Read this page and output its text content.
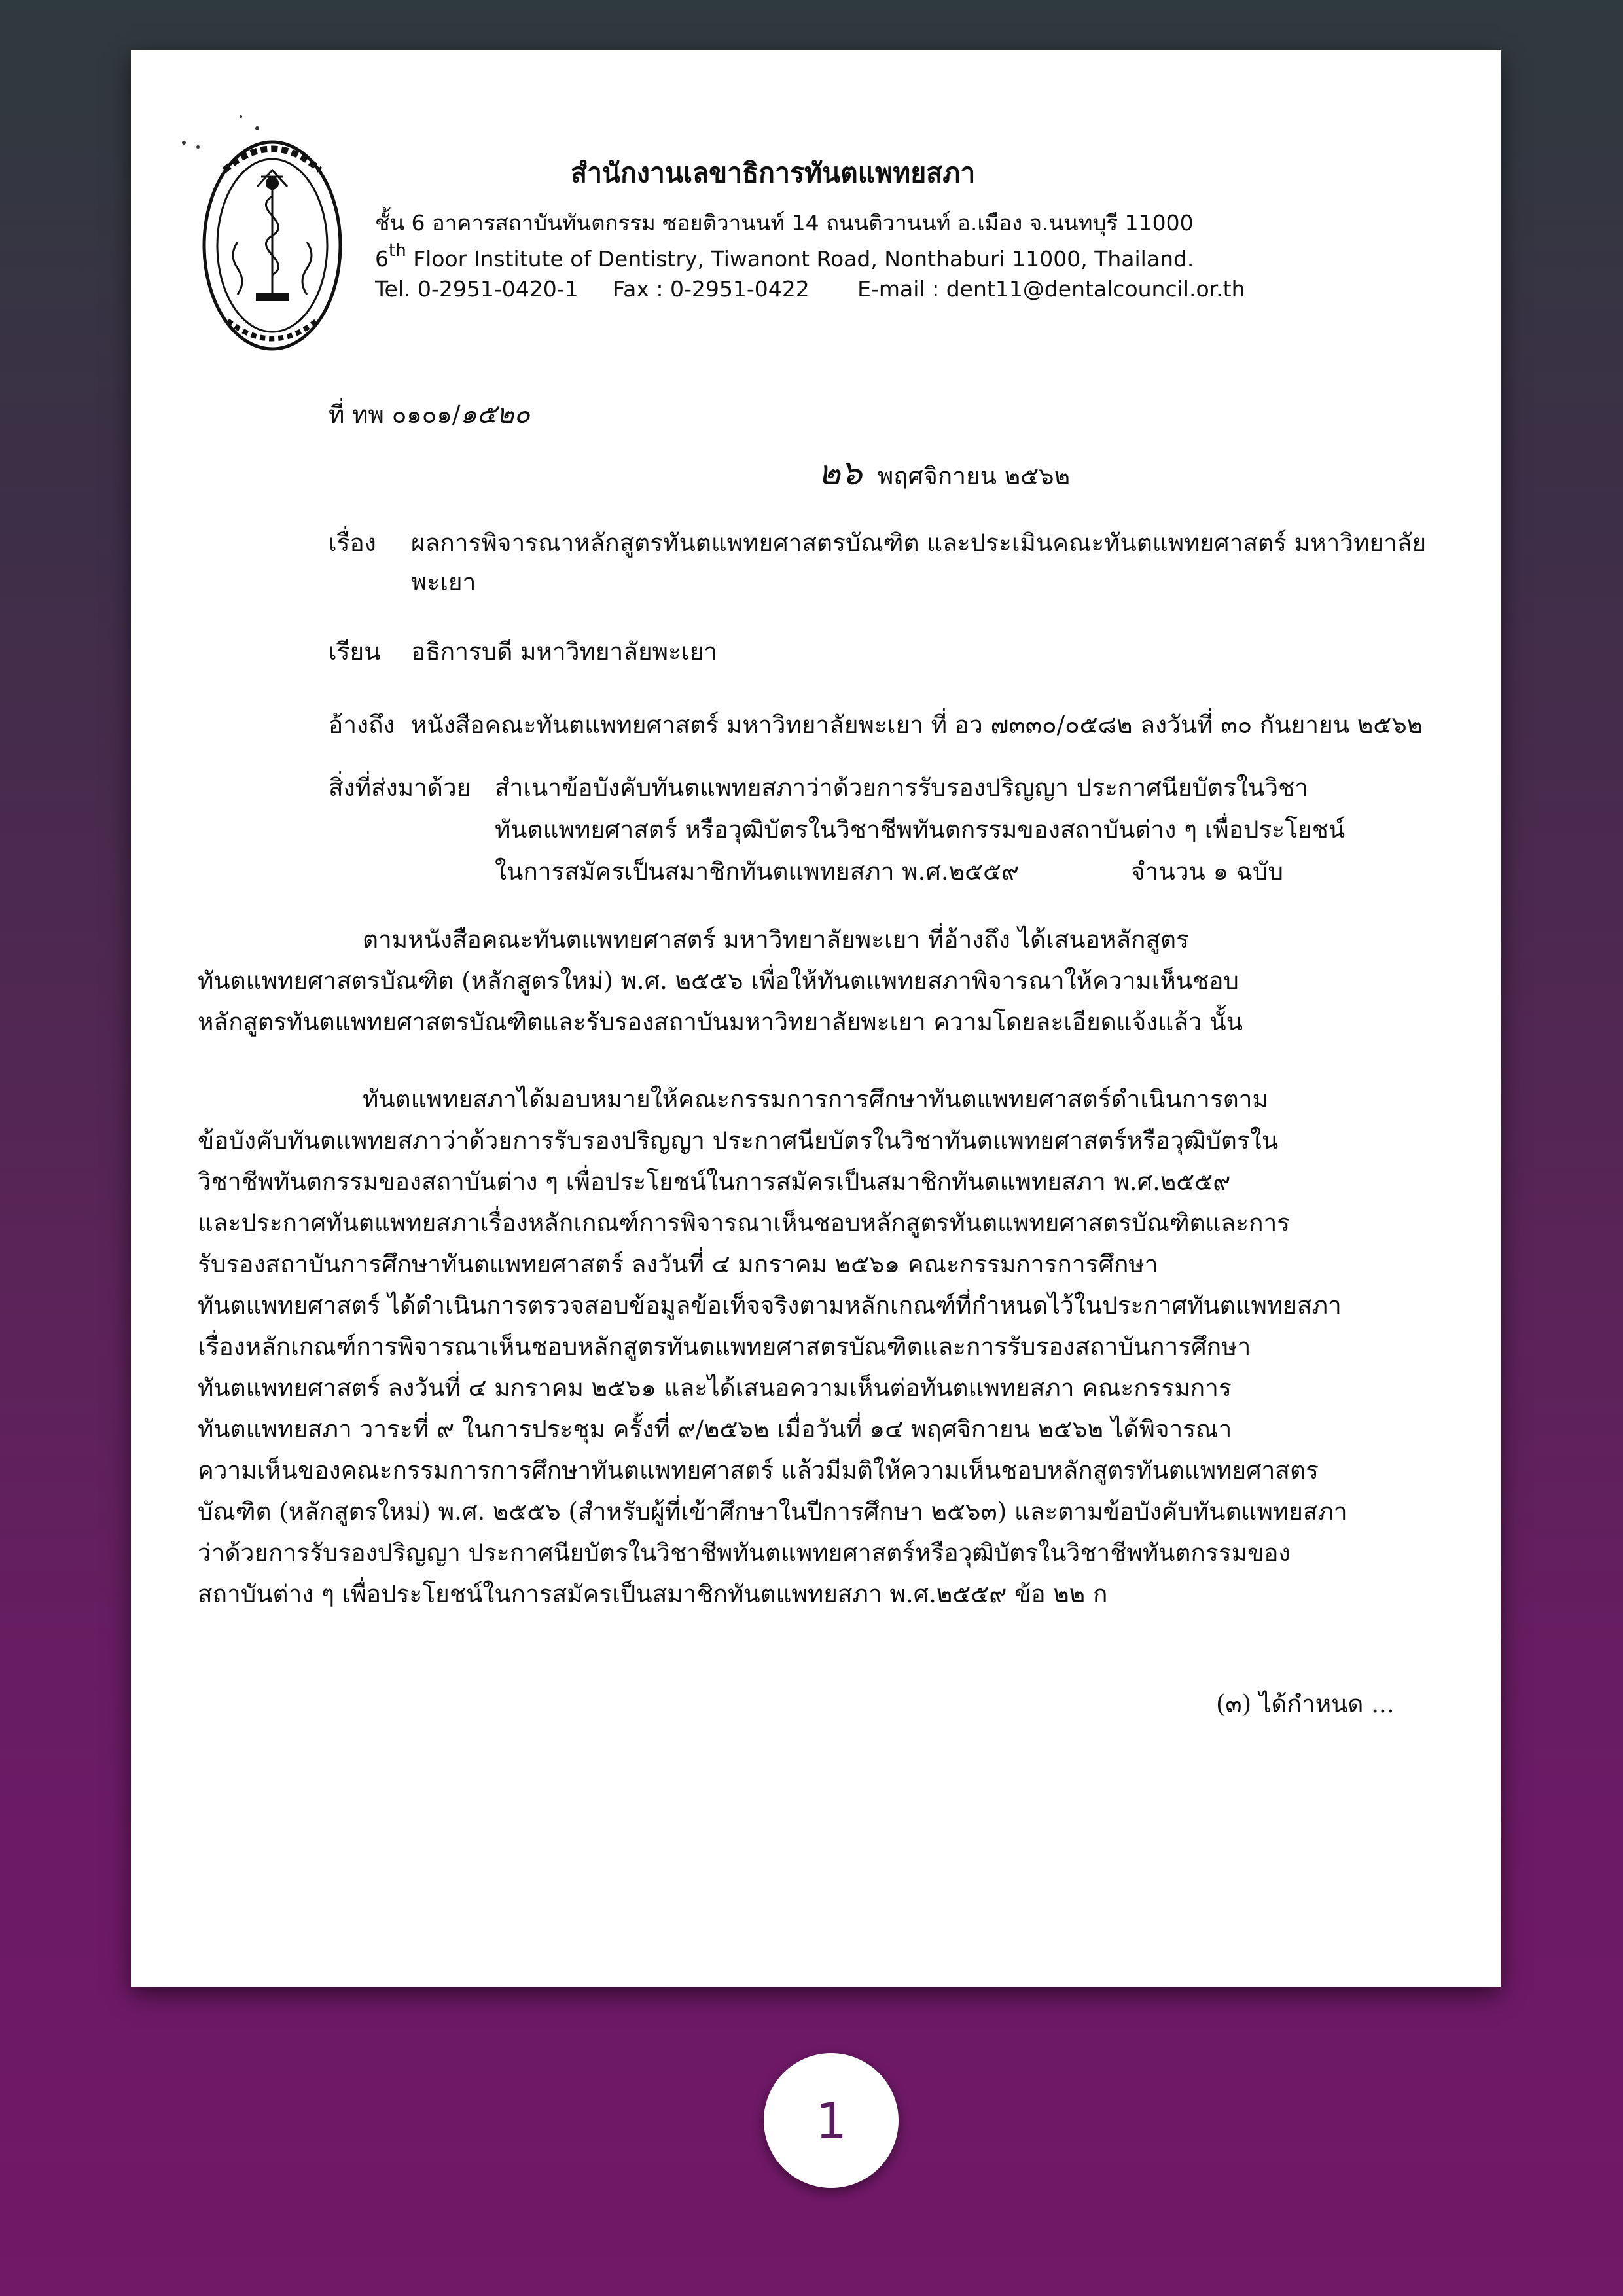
สำนักงานเลขาธิการทันตแพทยสภา
ชั้น 6 อาคารสถาบันทันตกรรม ซอยติวานนท์ 14 ถนนติวานนท์ อ.เมือง จ.นนทบุรี 11000
6th Floor Institute of Dentistry, Tiwanont Road, Nonthaburi 11000, Thailand.
Tel. 0-2951-0420-1 Fax : 0-2951-0422 E-mail : dent11@dentalcouncil.or.th
ที่ ทพ ๐๑๐๑/๑๕๒๐
๒๖ พฤศจิกายน ๒๕๖๒
เรื่อง ผลการพิจารณาหลักสูตรทันตแพทยศาสตรบัณฑิต และประเมินคณะทันตแพทยศาสตร์ มหาวิทยาลัย
พะเยา
เรียน อธิการบดี มหาวิทยาลัยพะเยา
อ้างถึง หนังสือคณะทันตแพทยศาสตร์ มหาวิทยาลัยพะเยา ที่ อว ๗๓๓๐/๐๕๘๒ ลงวันที่ ๓๐ กันยายน ๒๕๖๒
สิ่งที่ส่งมาด้วย สำเนาข้อบังคับทันตแพทยสภาว่าด้วยการรับรองปริญญา ประกาศนียบัตรในวิชา
ทันตแพทยศาสตร์ หรือวุฒิบัตรในวิชาชีพทันตกรรมของสถาบันต่าง ๆ เพื่อประโยชน์
ในการสมัครเป็นสมาชิกทันตแพทยสภา พ.ศ.๒๕๕๙	จำนวน ๑ ฉบับ
ตามหนังสือคณะทันตแพทยศาสตร์ มหาวิทยาลัยพะเยา ที่อ้างถึง ได้เสนอหลักสูตร
ทันตแพทยศาสตรบัณฑิต (หลักสูตรใหม่) พ.ศ. ๒๕๕๖ เพื่อให้ทันตแพทยสภาพิจารณาให้ความเห็นชอบ
หลักสูตรทันตแพทยศาสตรบัณฑิตและรับรองสถาบันมหาวิทยาลัยพะเยา ความโดยละเอียดแจ้งแล้ว นั้น
ทันตแพทยสภาได้มอบหมายให้คณะกรรมการการศึกษาทันตแพทยศาสตร์ดำเนินการตาม
ข้อบังคับทันตแพทยสภาว่าด้วยการรับรองปริญญา ประกาศนียบัตรในวิชาทันตแพทยศาสตร์หรือวุฒิบัตรใน
วิชาชีพทันตกรรมของสถาบันต่าง ๆ เพื่อประโยชน์ในการสมัครเป็นสมาชิกทันตแพทยสภา พ.ศ.๒๕๕๙
และประกาศทันตแพทยสภาเรื่องหลักเกณฑ์การพิจารณาเห็นชอบหลักสูตรทันตแพทยศาสตรบัณฑิตและการ
รับรองสถาบันการศึกษาทันตแพทยศาสตร์ ลงวันที่ ๔ มกราคม ๒๕๖๑ คณะกรรมการการศึกษา
ทันตแพทยศาสตร์ ได้ดำเนินการตรวจสอบข้อมูลข้อเท็จจริงตามหลักเกณฑ์ที่กำหนดไว้ในประกาศทันตแพทยสภา
เรื่องหลักเกณฑ์การพิจารณาเห็นชอบหลักสูตรทันตแพทยศาสตรบัณฑิตและการรับรองสถาบันการศึกษา
ทันตแพทยศาสตร์ ลงวันที่ ๔ มกราคม ๒๕๖๑ และได้เสนอความเห็นต่อทันตแพทยสภา คณะกรรมการ
ทันตแพทยสภา วาระที่ ๙ ในการประชุม ครั้งที่ ๙/๒๕๖๒ เมื่อวันที่ ๑๔ พฤศจิกายน ๒๕๖๒ ได้พิจารณา
ความเห็นของคณะกรรมการการศึกษาทันตแพทยศาสตร์ แล้วมีมติให้ความเห็นชอบหลักสูตรทันตแพทยศาสตร
บัณฑิต (หลักสูตรใหม่) พ.ศ. ๒๕๕๖ (สำหรับผู้ที่เข้าศึกษาในปีการศึกษา ๒๕๖๓) และตามข้อบังคับทันตแพทยสภา
ว่าด้วยการรับรองปริญญา ประกาศนียบัตรในวิชาชีพทันตแพทยศาสตร์หรือวุฒิบัตรในวิชาชีพทันตกรรมของ
สถาบันต่าง ๆ เพื่อประโยชน์ในการสมัครเป็นสมาชิกทันตแพทยสภา พ.ศ.๒๕๕๙ ข้อ ๒๒ ก
(๓) ได้กำหนด ...
1
